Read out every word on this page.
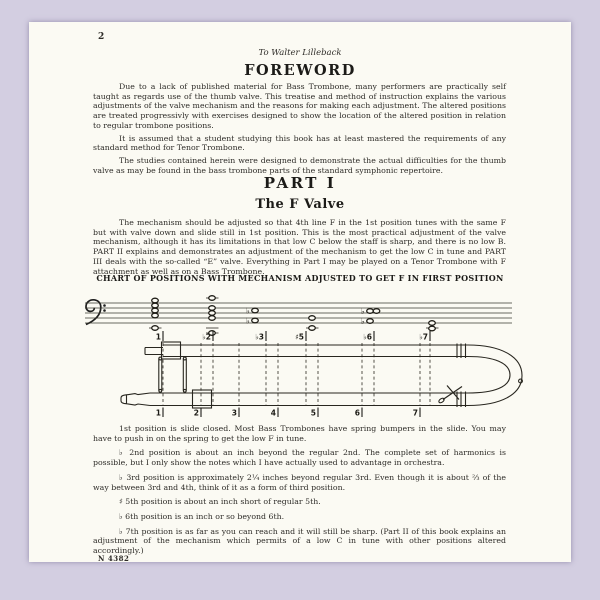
2
To Walter Lilleback
FOREWORD

Due to a lack of published material for Bass Trombone, many performers are practically self taught as regards use of the thumb valve. This treatise and method of instruction explains the various adjustments of the valve mechanism and the reasons for making each adjustment. The altered positions are treated progressivly with exercises designed to show the location of the altered position in relation to regular trombone positions.

It is assumed that a student studying this book has at least mastered the requirements of any standard method for Tenor Trombone.

The studies contained herein were designed to demonstrate the actual difficulties for the thumb valve as may be found in the bass trombone parts of the standard symphonic repertoire.

PART I
The F Valve

The mechanism should be adjusted so that 4th line F in the 1st position tunes with the same F but with valve down and slide still in 1st position. This is the most practical adjustment of the valve mechanism, although it has its limitations in that low C below the staff is sharp, and there is no low B. PART II explains and demonstrates an adjustment of the mechanism to get the low C in tune and PART III deals with the so-called “E” valve. Everything in Part I may be played on a Tenor Trombone with F attachment as well as on a Bass Trombone.

CHART OF POSITIONS WITH MECHANISM ADJUSTED TO GET F IN FIRST POSITION
♭
♭
♭
♭
1	♭2	♭3	♯5	♭6	♭7
1	2	3	4	5	6	7

1st position is slide closed. Most Bass Trombones have spring bumpers in the slide. You may have to push in on the spring to get the low F in tune.

♭ 2nd position is about an inch beyond the regular 2nd. The complete set of harmonics is possible, but I only show the notes which I have actually used to advantage in orchestra.

♭ 3rd position is approximately 2¼ inches beyond regular 3rd. Even though it is about ⅔ of the way between 3rd and 4th, think of it as a form of third position.

♯ 5th position is about an inch short of regular 5th.

♭ 6th position is an inch or so beyond 6th.

♭ 7th position is as far as you can reach and it will still be sharp. (Part II of this book explains an adjustment of the mechanism which permits of a low C in tune with other positions altered accordingly.)

N 4382
